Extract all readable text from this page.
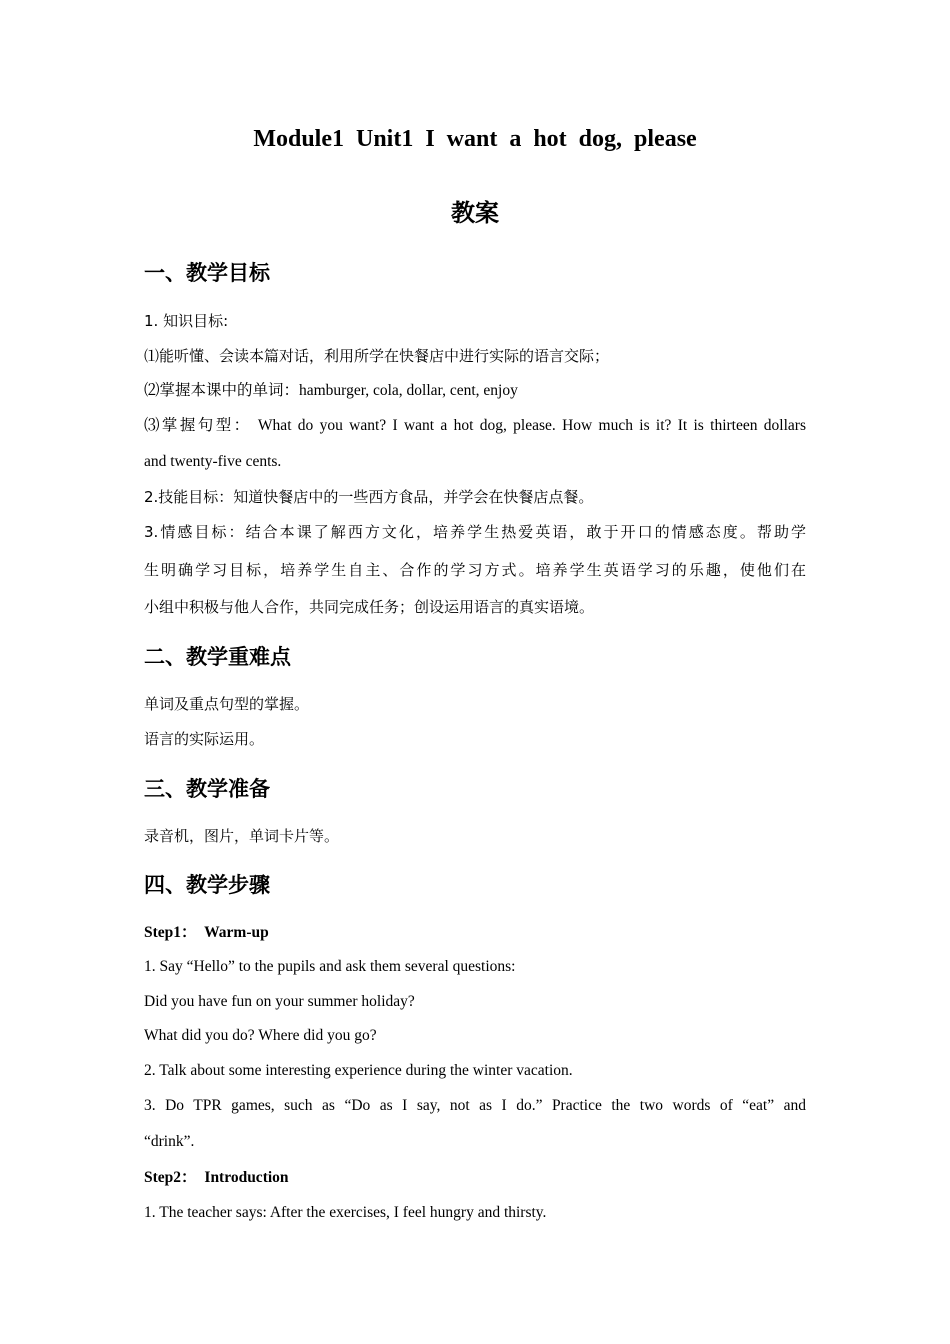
Module1 Unit1 I want a hot dog, please
教案
一、教学目标
1. 知识目标:
⑴能听懂、会读本篇对话，利用所学在快餐店中进行实际的语言交际；
⑵掌握本课中的单词：hamburger, cola, dollar, cent, enjoy
⑶掌握句型： What do you want? I want a hot dog, please. How much is it? It is thirteen dollars
and twenty-five cents.
2.技能目标：知道快餐店中的一些西方食品，并学会在快餐店点餐。
3.情感目标：结合本课了解西方文化，培养学生热爱英语，敢于开口的情感态度。帮助学
生明确学习目标，培养学生自主、合作的学习方式。培养学生英语学习的乐趣，使他们在
小组中积极与他人合作，共同完成任务；创设运用语言的真实语境。
二、教学重难点
单词及重点句型的掌握。
语言的实际运用。
三、教学准备
录音机，图片，单词卡片等。
四、教学步骤
Step1： Warm-up
1. Say “Hello” to the pupils and ask them several questions:
Did you have fun on your summer holiday?
What did you do? Where did you go?
2. Talk about some interesting experience during the winter vacation.
3. Do TPR games, such as “Do as I say, not as I do.” Practice the two words of “eat” and
“drink”.
Step2： Introduction
1. The teacher says: After the exercises, I feel hungry and thirsty.
